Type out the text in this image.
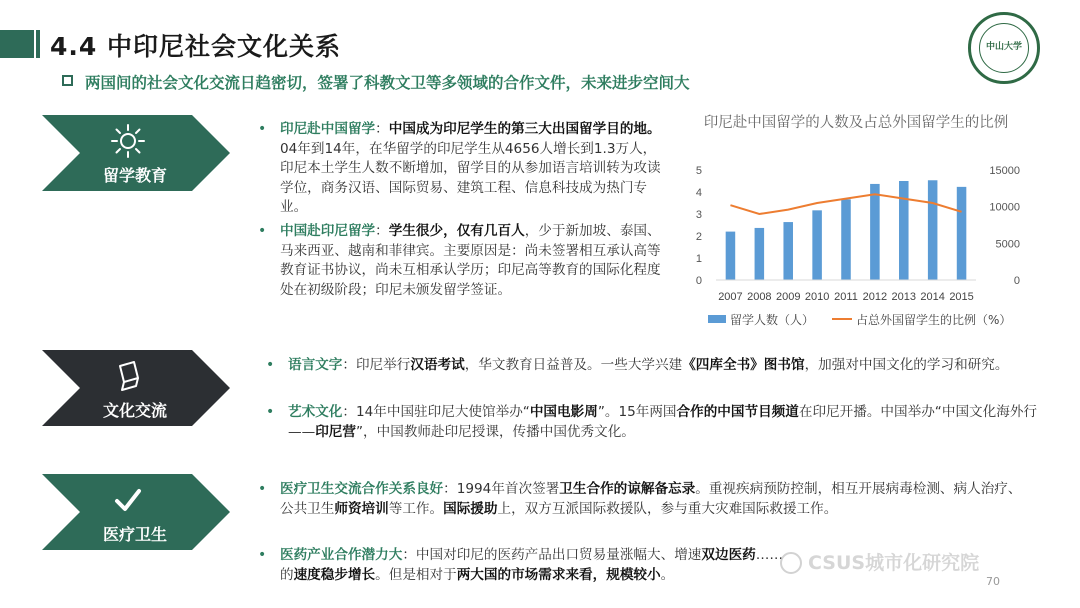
4.4 中印尼社会文化关系
两国间的社会文化交流日趋密切，签署了科教文卫等多领域的合作文件，未来进步空间大
中山大学
留学教育
• 印尼赴中国留学：中国成为印尼学生的第三大出国留学目的地。04年到14年，在华留学的印尼学生从4656人增长到1.3万人，印尼本土学生人数不断增加，留学目的从参加语言培训转为攻读学位，商务汉语、国际贸易、建筑工程、信息科技成为热门专业。
• 中国赴印尼留学：学生很少，仅有几百人，少于新加坡、泰国、马来西亚、越南和菲律宾。主要原因是：尚未签署相互承认高等教育证书协议，尚未互相承认学历；印尼高等教育的国际化程度处在初级阶段；印尼未颁发留学签证。
印尼赴中国留学的人数及占总外国留学生的比例
0
1
2
3
4
5
0
5000
10000
15000
2007 2008 2009 2010 2011 2012 2013 2014 2015
留学人数（人）	占总外国留学生的比例（%）
文化交流
• 语言文字：印尼举行汉语考试，华文教育日益普及。一些大学兴建《四库全书》图书馆，加强对中国文化的学习和研究。
• 艺术文化：14年中国驻印尼大使馆举办“中国电影周”。15年两国合作的中国节目频道在印尼开播。中国举办“中国文化海外行——印尼营”，中国教师赴印尼授课，传播中国优秀文化。
医疗卫生
• 医疗卫生交流合作关系良好：1994年首次签署卫生合作的谅解备忘录。重视疾病预防控制，相互开展病毒检测、病人治疗、公共卫生师资培训等工作。国际援助上，双方互派国际救援队，参与重大灾难国际救援工作。
• 医药产业合作潜力大：中国对印尼的医药产品出口贸易量涨幅大、增速双边医药……
的速度稳步增长。但是相对于两大国的市场需求来看，规模较小。
CSUS城市化研究院
70
